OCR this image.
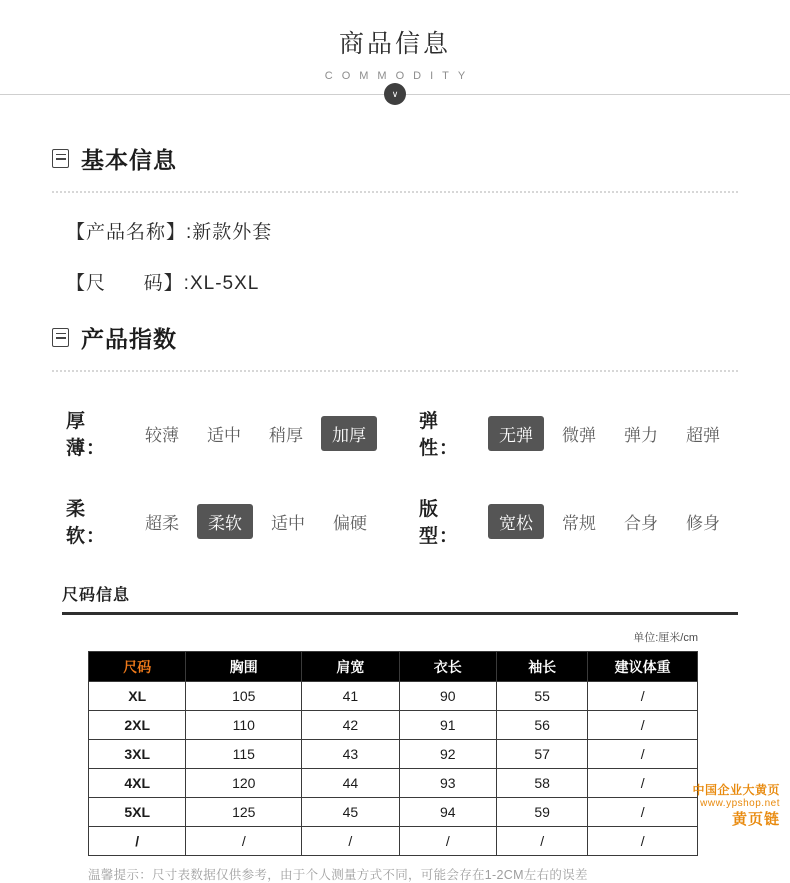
商品信息
COMMODITY
∨
基本信息
【产品名称】:新款外套
【尺      码】:XL-5XL
产品指数
厚薄：
较薄	适中	稍厚	加厚
弹性：
无弹	微弹	弹力	超弹
柔软：
超柔	柔软	适中	偏硬
版型：
宽松	常规	合身	修身
尺码信息
单位:厘米/cm
尺码	胸围	肩宽	衣长	袖长	建议体重
XL	105	41	90	55	/
2XL	110	42	91	56	/
3XL	115	43	92	57	/
4XL	120	44	93	58	/
5XL	125	45	94	59	/
/	/	/	/	/	/
温馨提示：尺寸表数据仅供参考，由于个人测量方式不同，可能会存在1-2CM左右的误差
中国企业大黄页
www.ypshop.net
黄页链
